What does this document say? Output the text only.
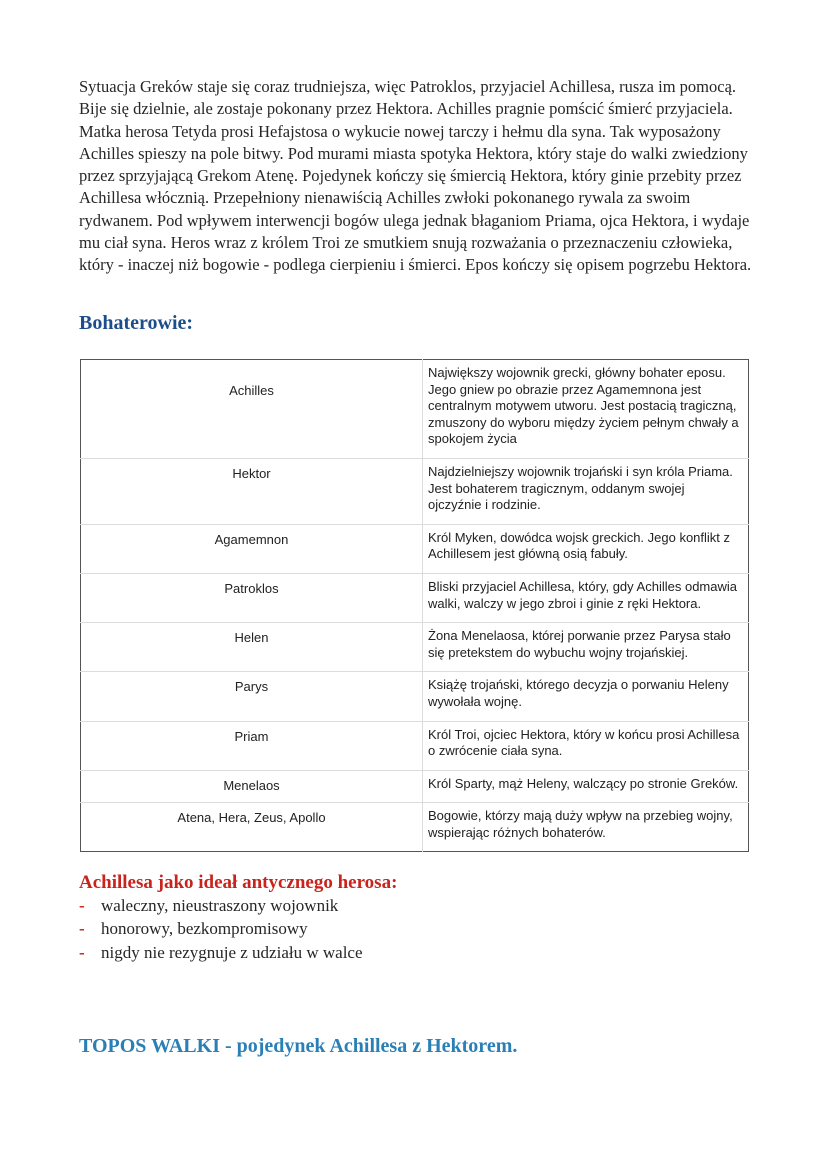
Sytuacja Greków staje się coraz trudniejsza, więc Patroklos, przyjaciel Achillesa, rusza im pomocą. Bije się dzielnie, ale zostaje pokonany przez Hektora. Achilles pragnie pomścić śmierć przyjaciela. Matka herosa Tetyda prosi Hefajstosa o wykucie nowej tarczy i hełmu dla syna. Tak wyposażony Achilles spieszy na pole bitwy. Pod murami miasta spotyka Hektora, który staje do walki zwiedziony przez sprzyjającą Grekom Atenę. Pojedynek kończy się śmiercią Hektora, który ginie przebity przez Achillesa włócznią. Przepełniony nienawiścią Achilles zwłoki pokonanego rywala za swoim rydwanem. Pod wpływem interwencji bogów ulega jednak błaganiom Priama, ojca Hektora, i wydaje mu ciał syna. Heros wraz z królem Troi ze smutkiem snują rozważania o przeznaczeniu człowieka, który - inaczej niż bogowie - podlega cierpieniu i śmierci. Epos kończy się opisem pogrzebu Hektora.

Bohaterowie:
Achilles	Największy wojownik grecki, główny bohater eposu. Jego gniew po obrazie przez Agamemnona jest centralnym motywem utworu. Jest postacią tragiczną, zmuszony do wyboru między życiem pełnym chwały a spokojem życia
Hektor	Najdzielniejszy wojownik trojański i syn króla Priama. Jest bohaterem tragicznym, oddanym swojej ojczyźnie i rodzinie.
Agamemnon	Król Myken, dowódca wojsk greckich. Jego konflikt z Achillesem jest główną osią fabuły.
Patroklos	Bliski przyjaciel Achillesa, który, gdy Achilles odmawia walki, walczy w jego zbroi i ginie z ręki Hektora.
Helen	Żona Menelaosa, której porwanie przez Parysa stało się pretekstem do wybuchu wojny trojańskiej.
Parys	Książę trojański, którego decyzja o porwaniu Heleny wywołała wojnę.
Priam	Król Troi, ojciec Hektora, który w końcu prosi Achillesa o zwrócenie ciała syna.
Menelaos	Król Sparty, mąż Heleny, walczący po stronie Greków.
Atena, Hera, Zeus, Apollo	Bogowie, którzy mają duży wpływ na przebieg wojny, wspierając różnych bohaterów.
Achillesa jako ideał antycznego herosa:
- waleczny, nieustraszony wojownik
- honorowy, bezkompromisowy
- nigdy nie rezygnuje z udziału w walce
TOPOS WALKI - pojedynek Achillesa z Hektorem.
